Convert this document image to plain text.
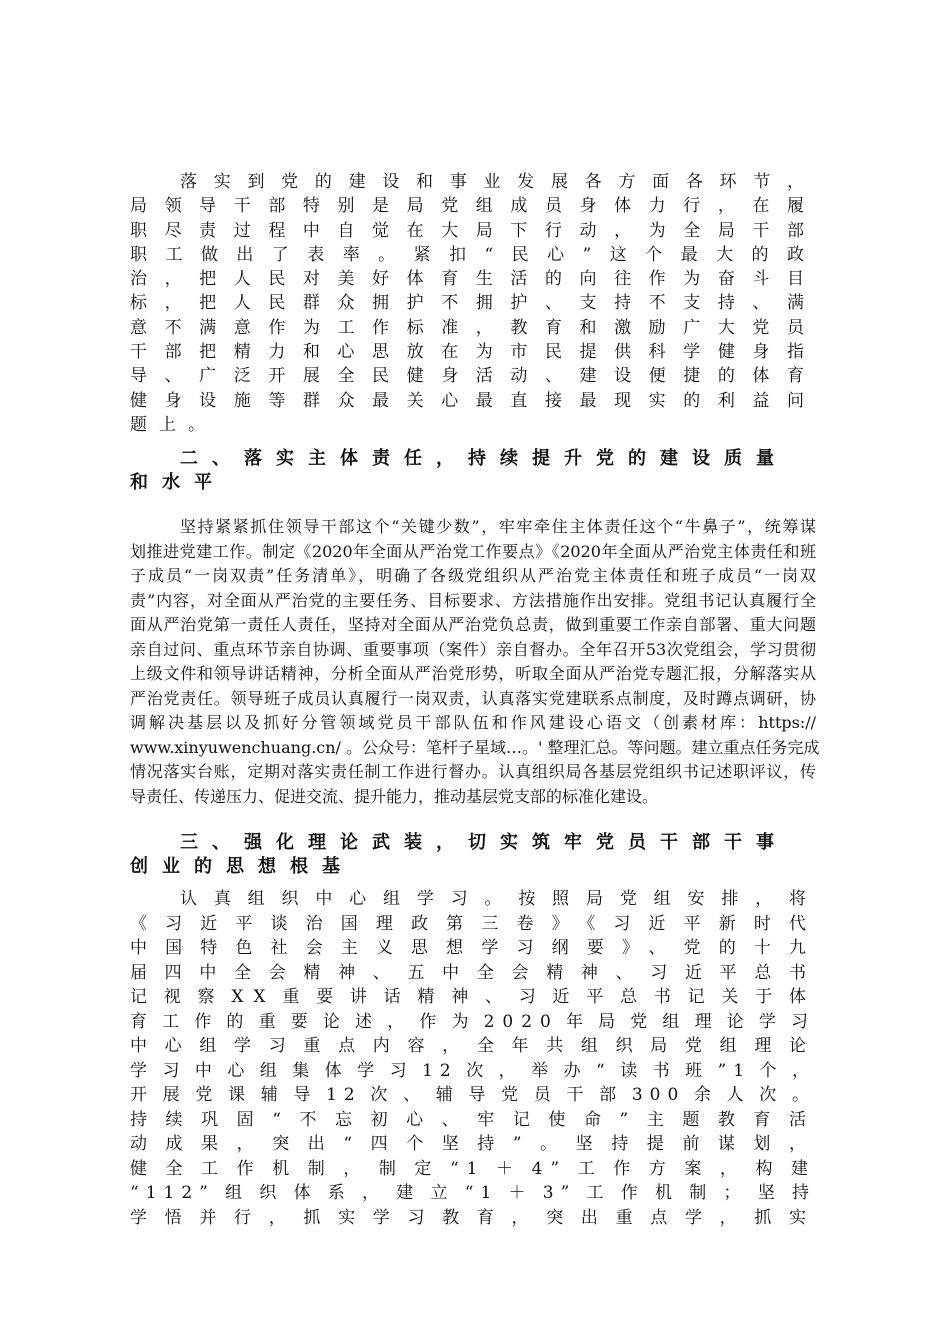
落实到党的建设和事业发展各方面各环节，
局领导干部特别是局党组成员身体力行，在履
职尽责过程中自觉在大局下行动，为全局干部
职工做出了表率。紧扣“民心”这个最大的政
治，把人民对美好体育生活的向往作为奋斗目
标，把人民群众拥护不拥护、支持不支持、满
意不满意作为工作标准，教育和激励广大党员
干部把精力和心思放在为市民提供科学健身指
导、广泛开展全民健身活动、建设便捷的体育
健身设施等群众最关心最直接最现实的利益问
题上。
二、落实主体责任，持续提升党的建设质量
和水平
坚持紧紧抓住领导干部这个“关键少数”，牢牢牵住主体责任这个“牛鼻子”，统筹谋
划推进党建工作。制定《2020年全面从严治党工作要点》《2020年全面从严治党主体责任和班
子成员“一岗双责”任务清单》，明确了各级党组织从严治党主体责任和班子成员“一岗双
责”内容，对全面从严治党的主要任务、目标要求、方法措施作出安排。党组书记认真履行全
面从严治党第一责任人责任，坚持对全面从严治党负总责，做到重要工作亲自部署、重大问题
亲自过问、重点环节亲自协调、重要事项（案件）亲自督办。全年召开53次党组会，学习贯彻
上级文件和领导讲话精神，分析全面从严治党形势，听取全面从严治党专题汇报，分解落实从
严治党责任。领导班子成员认真履行一岗双责，认真落实党建联系点制度，及时蹲点调研，协
调解决基层以及抓好分管领域党员干部队伍和作风建设心语文（创素材库：https://
www.xinyuwenchuang.cn/ 。公众号：笔杆子星域…。' 整理汇总。等问题。建立重点任务完成
情况落实台账，定期对落实责任制工作进行督办。认真组织局各基层党组织书记述职评议，传
导责任、传递压力、促进交流、提升能力，推动基层党支部的标准化建设。
三、强化理论武装，切实筑牢党员干部干事
创业的思想根基
认真组织中心组学习。按照局党组安排，将
《习近平谈治国理政第三卷》《习近平新时代
中国特色社会主义思想学习纲要》、党的十九
届四中全会精神、五中全会精神、习近平总书
记视察XX重要讲话精神、习近平总书记关于体
育工作的重要论述，作为2020年局党组理论学习
中心组学习重点内容，全年共组织局党组理论
学习中心组集体学习12次，举办“读书班”1个，
开展党课辅导12次、辅导党员干部300余人次。
持续巩固“不忘初心、牢记使命”主题教育活
动成果，突出“四个坚持”。坚持提前谋划，
健全工作机制，制定“1＋4”工作方案，构建
“112”组织体系，建立“1＋3”工作机制；坚持
学悟并行，抓实学习教育，突出重点学，抓实
